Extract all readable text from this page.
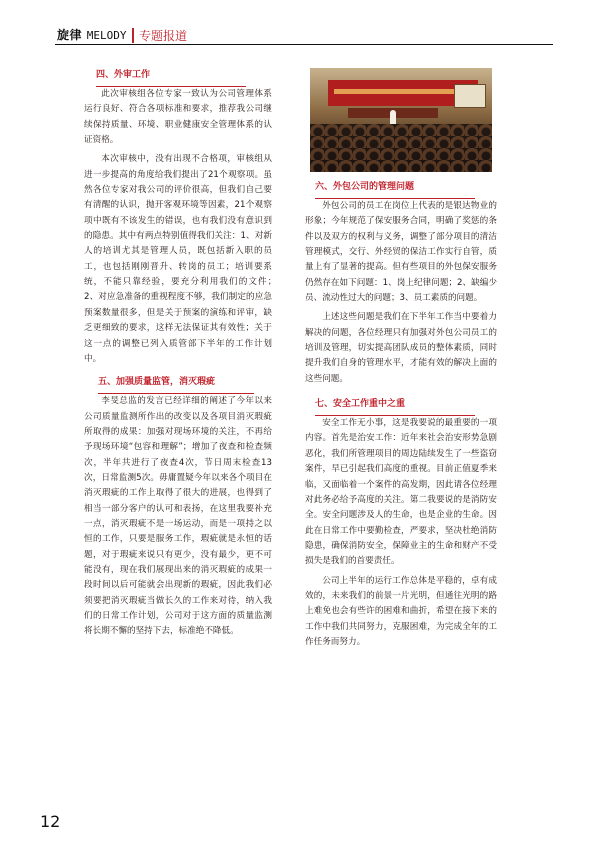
旋律 MELODY 专题报道
四、外审工作

此次审核组各位专家一致认为公司管理体系运行良好、符合各项标准和要求，推荐我公司继续保持质量、环境、职业健康安全管理体系的认证资格。

本次审核中，没有出现不合格项，审核组从进一步提高的角度给我们提出了21个观察项。虽然各位专家对我公司的评价很高，但我们自己要有清醒的认识，抛开客观环境等因素，21个观察项中既有不该发生的错误，也有我们没有意识到的隐患。其中有两点特别值得我们关注：1、对新人的培训尤其是管理人员，既包括新入职的员工，也包括刚刚晋升、转岗的员工；培训要系统，不能只靠经验，要充分利用我们的文件；　2、对应急准备的重视程度不够，我们制定的应急预案数量很多，但是关于预案的演练和评审，缺乏更细致的要求，这样无法保证其有效性；关于这一点的调整已列入质管部下半年的工作计划中。

五、加强质量监管，消灭瑕疵

李旻总监的发言已经详细的阐述了今年以来公司质量监测所作出的改变以及各项目消灭瑕疵所取得的成果：加强对现场环境的关注，不再给予现场环境“包容和理解”；增加了夜查和检查频次，半年共进行了夜查4次，节日周末检查13次，日常监测5次。毋庸置疑今年以来各个项目在消灭瑕疵的工作上取得了很大的进展，也得到了相当一部分客户的认可和表扬，在这里我要补充一点，消灭瑕疵不是一场运动，而是一项持之以恒的工作，只要是服务工作，瑕疵就是永恒的话题，对于瑕疵来说只有更少，没有最少，更不可能没有，现在我们展现出来的消灭瑕疵的成果一段时间以后可能就会出现新的瑕疵，因此我们必须要把消灭瑕疵当做长久的工作来对待，纳入我们的日常工作计划，公司对于这方面的质量监测将长期不懈的坚持下去，标准绝不降低。

六、外包公司的管理问题

外包公司的员工在岗位上代表的是银达物业的形象；今年规范了保安服务合同，明确了奖惩的条件以及双方的权利与义务，调整了部分项目的清洁管理模式，交行、外经贸的保洁工作实行自管，质量上有了显著的提高。但有些项目的外包保安服务仍然存在如下问题：1、岗上纪律问题；2、缺编少员、流动性过大的问题；3、员工素质的问题。

上述这些问题是我们在下半年工作当中要着力解决的问题，各位经理只有加强对外包公司员工的培训及管理，切实提高团队成员的整体素质，同时提升我们自身的管理水平，才能有效的解决上面的这些问题。

七、安全工作重中之重

安全工作无小事，这是我要说的最重要的一项内容。首先是治安工作：近年来社会治安形势急剧恶化，我们所管理项目的周边陆续发生了一些盗窃案件，早已引起我们高度的重视。目前正值夏季来临，又面临着一个案件的高发期，因此请各位经理对此务必给予高度的关注。第二我要说的是消防安全。安全问题涉及人的生命，也是企业的生命。因此在日常工作中要勤检查，严要求，坚决杜绝消防隐患，确保消防安全，保障业主的生命和财产不受损失是我们的首要责任。

公司上半年的运行工作总体是平稳的，卓有成效的，未来我们的前景一片光明，但通往光明的路上难免也会有些许的困难和曲折，希望在接下来的工作中我们共同努力，克服困难，为完成全年的工作任务而努力。

12
